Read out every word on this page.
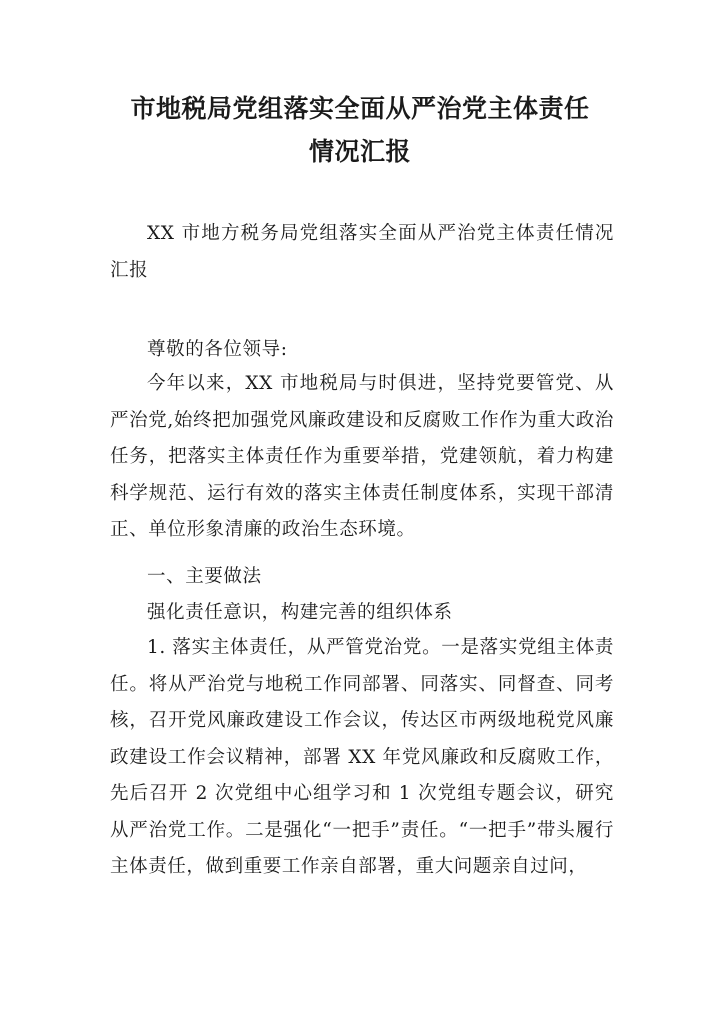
市地税局党组落实全面从严治党主体责任
情况汇报
XX 市地方税务局党组落实全面从严治党主体责任情况汇报
尊敬的各位领导:
今年以来，XX 市地税局与时俱进，坚持党要管党、从严治党,始终把加强党风廉政建设和反腐败工作作为重大政治任务，把落实主体责任作为重要举措，党建领航，着力构建科学规范、运行有效的落实主体责任制度体系，实现干部清正、单位形象清廉的政治生态环境。
一、主要做法
强化责任意识，构建完善的组织体系
1. 落实主体责任，从严管党治党。一是落实党组主体责任。将从严治党与地税工作同部署、同落实、同督查、同考核，召开党风廉政建设工作会议，传达区市两级地税党风廉政建设工作会议精神，部署 XX 年党风廉政和反腐败工作，先后召开 2 次党组中心组学习和 1 次党组专题会议，研究从严治党工作。二是强化“一把手”责任。“一把手”带头履行主体责任，做到重要工作亲自部署，重大问题亲自过问，
